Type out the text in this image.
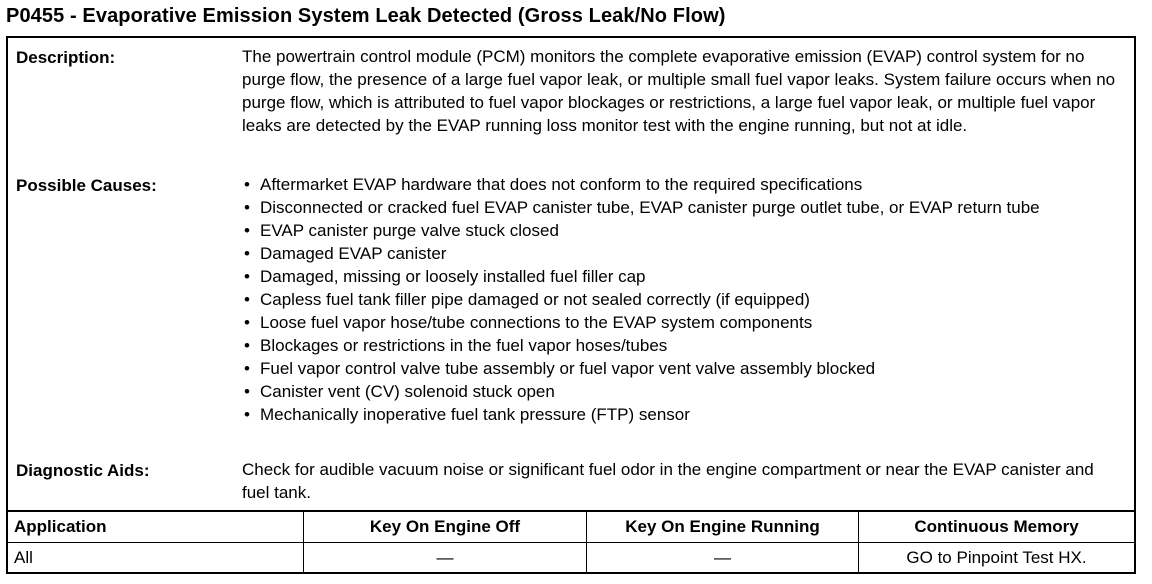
P0455 - Evaporative Emission System Leak Detected (Gross Leak/No Flow)
Description:	The powertrain control module (PCM) monitors the complete evaporative emission (EVAP) control system for no purge flow, the presence of a large fuel vapor leak, or multiple small fuel vapor leaks. System failure occurs when no purge flow, which is attributed to fuel vapor blockages or restrictions, a large fuel vapor leak, or multiple fuel vapor leaks are detected by the EVAP running loss monitor test with the engine running, but not at idle.
Possible Causes:
•	Aftermarket EVAP hardware that does not conform to the required specifications
• Disconnected or cracked fuel EVAP canister tube, EVAP canister purge outlet tube, or EVAP return tube
• EVAP canister purge valve stuck closed
• Damaged EVAP canister
• Damaged, missing or loosely installed fuel filler cap
• Capless fuel tank filler pipe damaged or not sealed correctly (if equipped)
• Loose fuel vapor hose/tube connections to the EVAP system components
• Blockages or restrictions in the fuel vapor hoses/tubes
• Fuel vapor control valve tube assembly or fuel vapor vent valve assembly blocked
• Canister vent (CV) solenoid stuck open
• Mechanically inoperative fuel tank pressure (FTP) sensor
Diagnostic Aids:	Check for audible vacuum noise or significant fuel odor in the engine compartment or near the EVAP canister and fuel tank.
Application	Key On Engine Off	Key On Engine Running	Continuous Memory
All	—	—	GO to Pinpoint Test HX.
